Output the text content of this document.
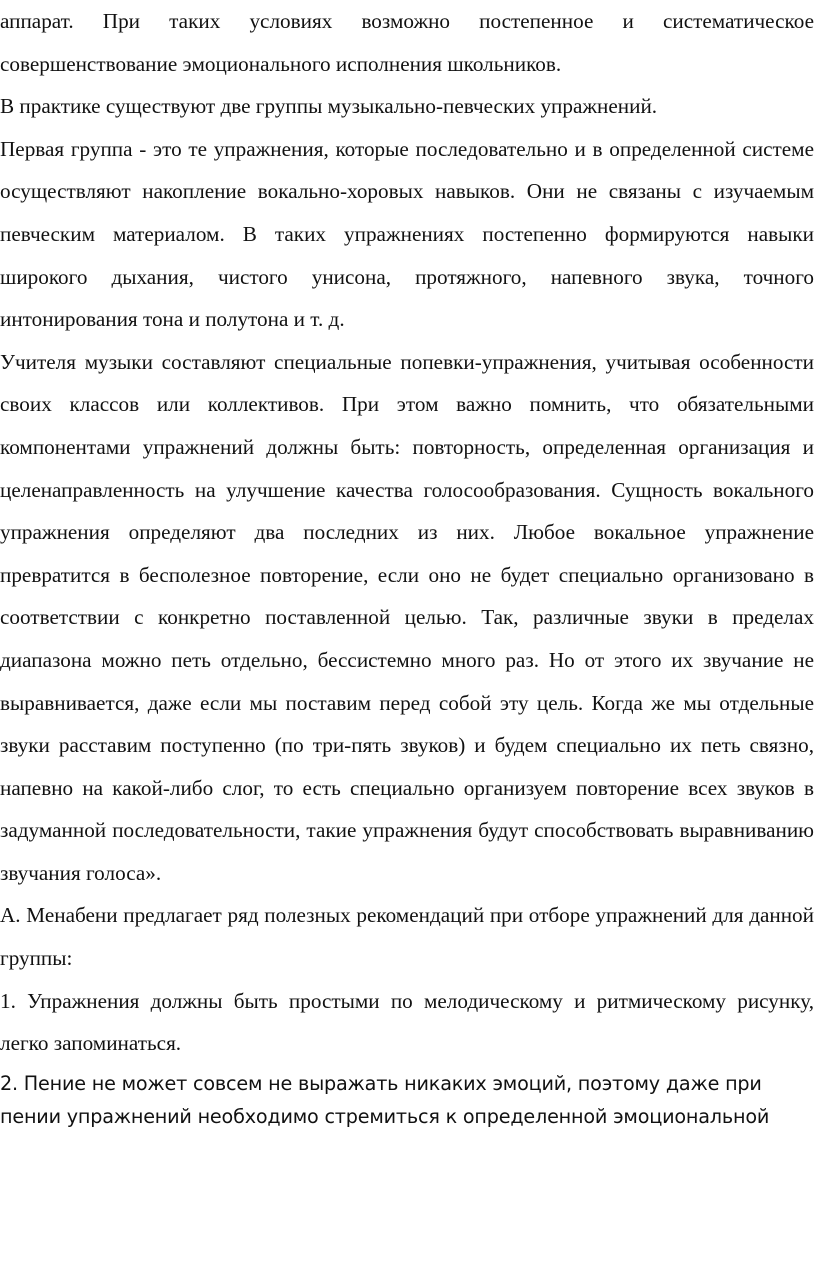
аппарат. При таких условиях возможно постепенное и систематическое совершенствование эмоционального исполнения школьников.

В практике существуют две группы музыкально-певческих упражнений.

Первая группа - это те упражнения, которые последовательно и в определенной системе осуществляют накопление вокально-хоровых навыков. Они не связаны с изучаемым певческим материалом. В таких упражнениях постепенно формируются навыки широкого дыхания, чистого унисона, протяжного, напевного звука, точного интонирования тона и полутона и т. д.

Учителя музыки составляют специальные попевки-упражнения, учитывая особенности своих классов или коллективов. При этом важно помнить, что обязательными компонентами упражнений должны быть: повторность, определенная организация и целенаправленность на улучшение качества голосообразования. Сущность вокального упражнения определяют два последних из них. Любое вокальное упражнение превратится в бесполезное повторение, если оно не будет специально организовано в соответствии с конкретно поставленной целью. Так, различные звуки в пределах диапазона можно петь отдельно, бессистемно много раз. Но от этого их звучание не выравнивается, даже если мы поставим перед собой эту цель. Когда же мы отдельные звуки расставим поступенно (по три-пять звуков) и будем специально их петь связно, напевно на какой-либо слог, то есть специально организуем повторение всех звуков в задуманной последовательности, такие упражнения будут способствовать выравниванию звучания голоса».

А. Менабени предлагает ряд полезных рекомендаций при отборе упражнений для данной группы:

1. Упражнения должны быть простыми по мелодическому и ритмическому рисунку, легко запоминаться.

2. Пение не может совсем не выражать никаких эмоций, поэтому даже при пении упражнений необходимо стремиться к определенной эмоциональной
